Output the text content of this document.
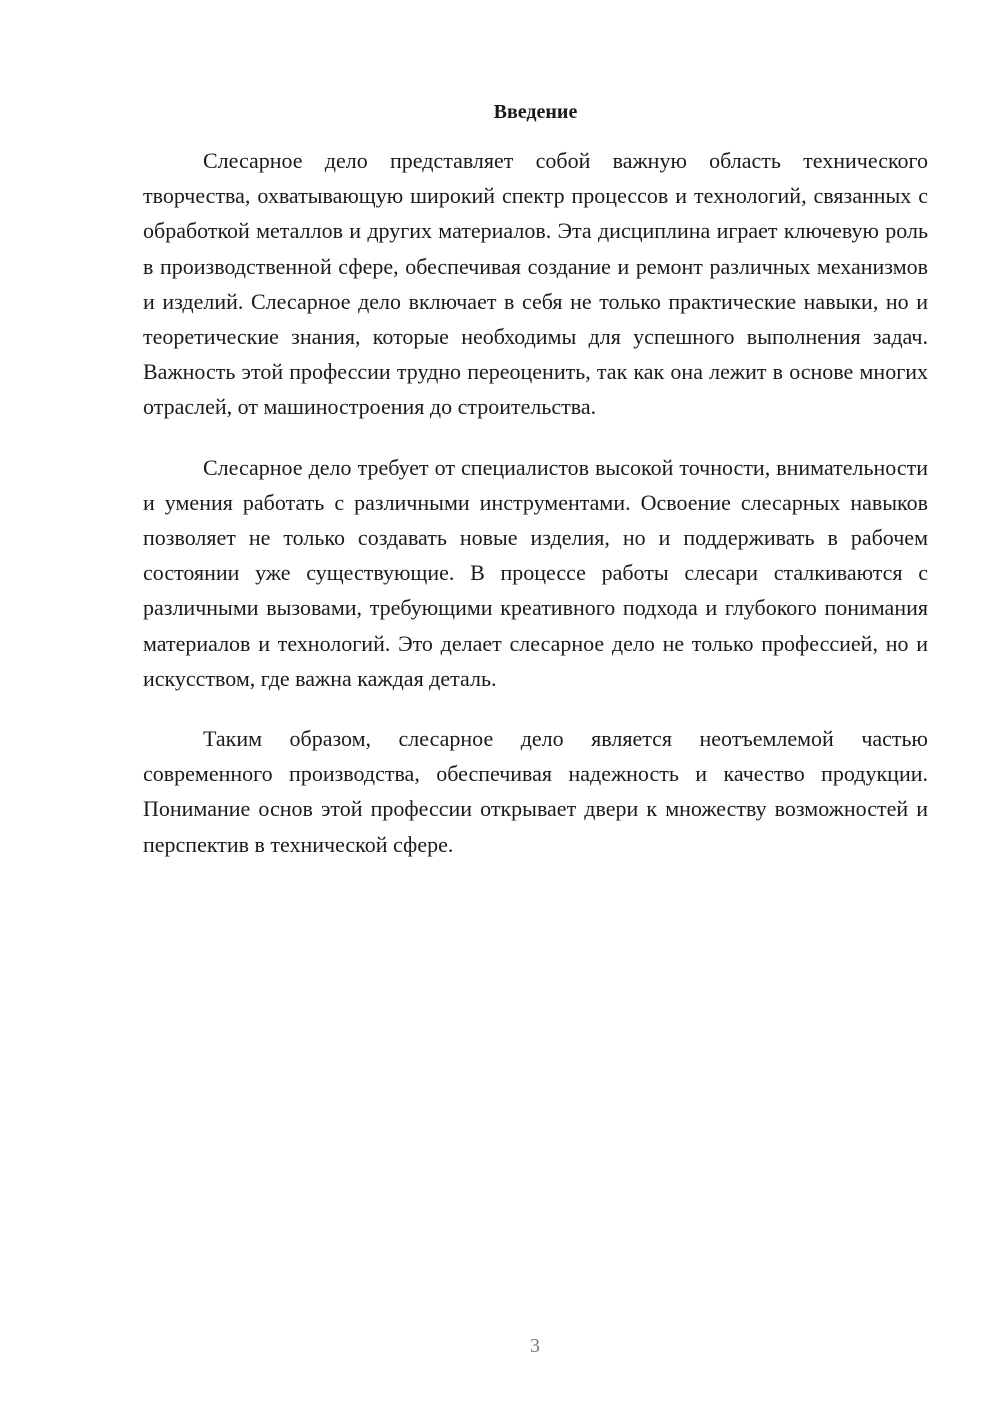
Введение

Слесарное дело представляет собой важную область технического творчества, охватывающую широкий спектр процессов и технологий, связанных с обработкой металлов и других материалов. Эта дисциплина играет ключевую роль в производственной сфере, обеспечивая создание и ремонт различных механизмов и изделий. Слесарное дело включает в себя не только практические навыки, но и теоретические знания, которые необходимы для успешного выполнения задач. Важность этой профессии трудно переоценить, так как она лежит в основе многих отраслей, от машиностроения до строительства.

Слесарное дело требует от специалистов высокой точности, внимательности и умения работать с различными инструментами. Освоение слесарных навыков позволяет не только создавать новые изделия, но и поддерживать в рабочем состоянии уже существующие. В процессе работы слесари сталкиваются с различными вызовами, требующими креативного подхода и глубокого понимания материалов и технологий. Это делает слесарное дело не только профессией, но и искусством, где важна каждая деталь.

Таким образом, слесарное дело является неотъемлемой частью современного производства, обеспечивая надежность и качество продукции. Понимание основ этой профессии открывает двери к множеству возможностей и перспектив в технической сфере.

3
